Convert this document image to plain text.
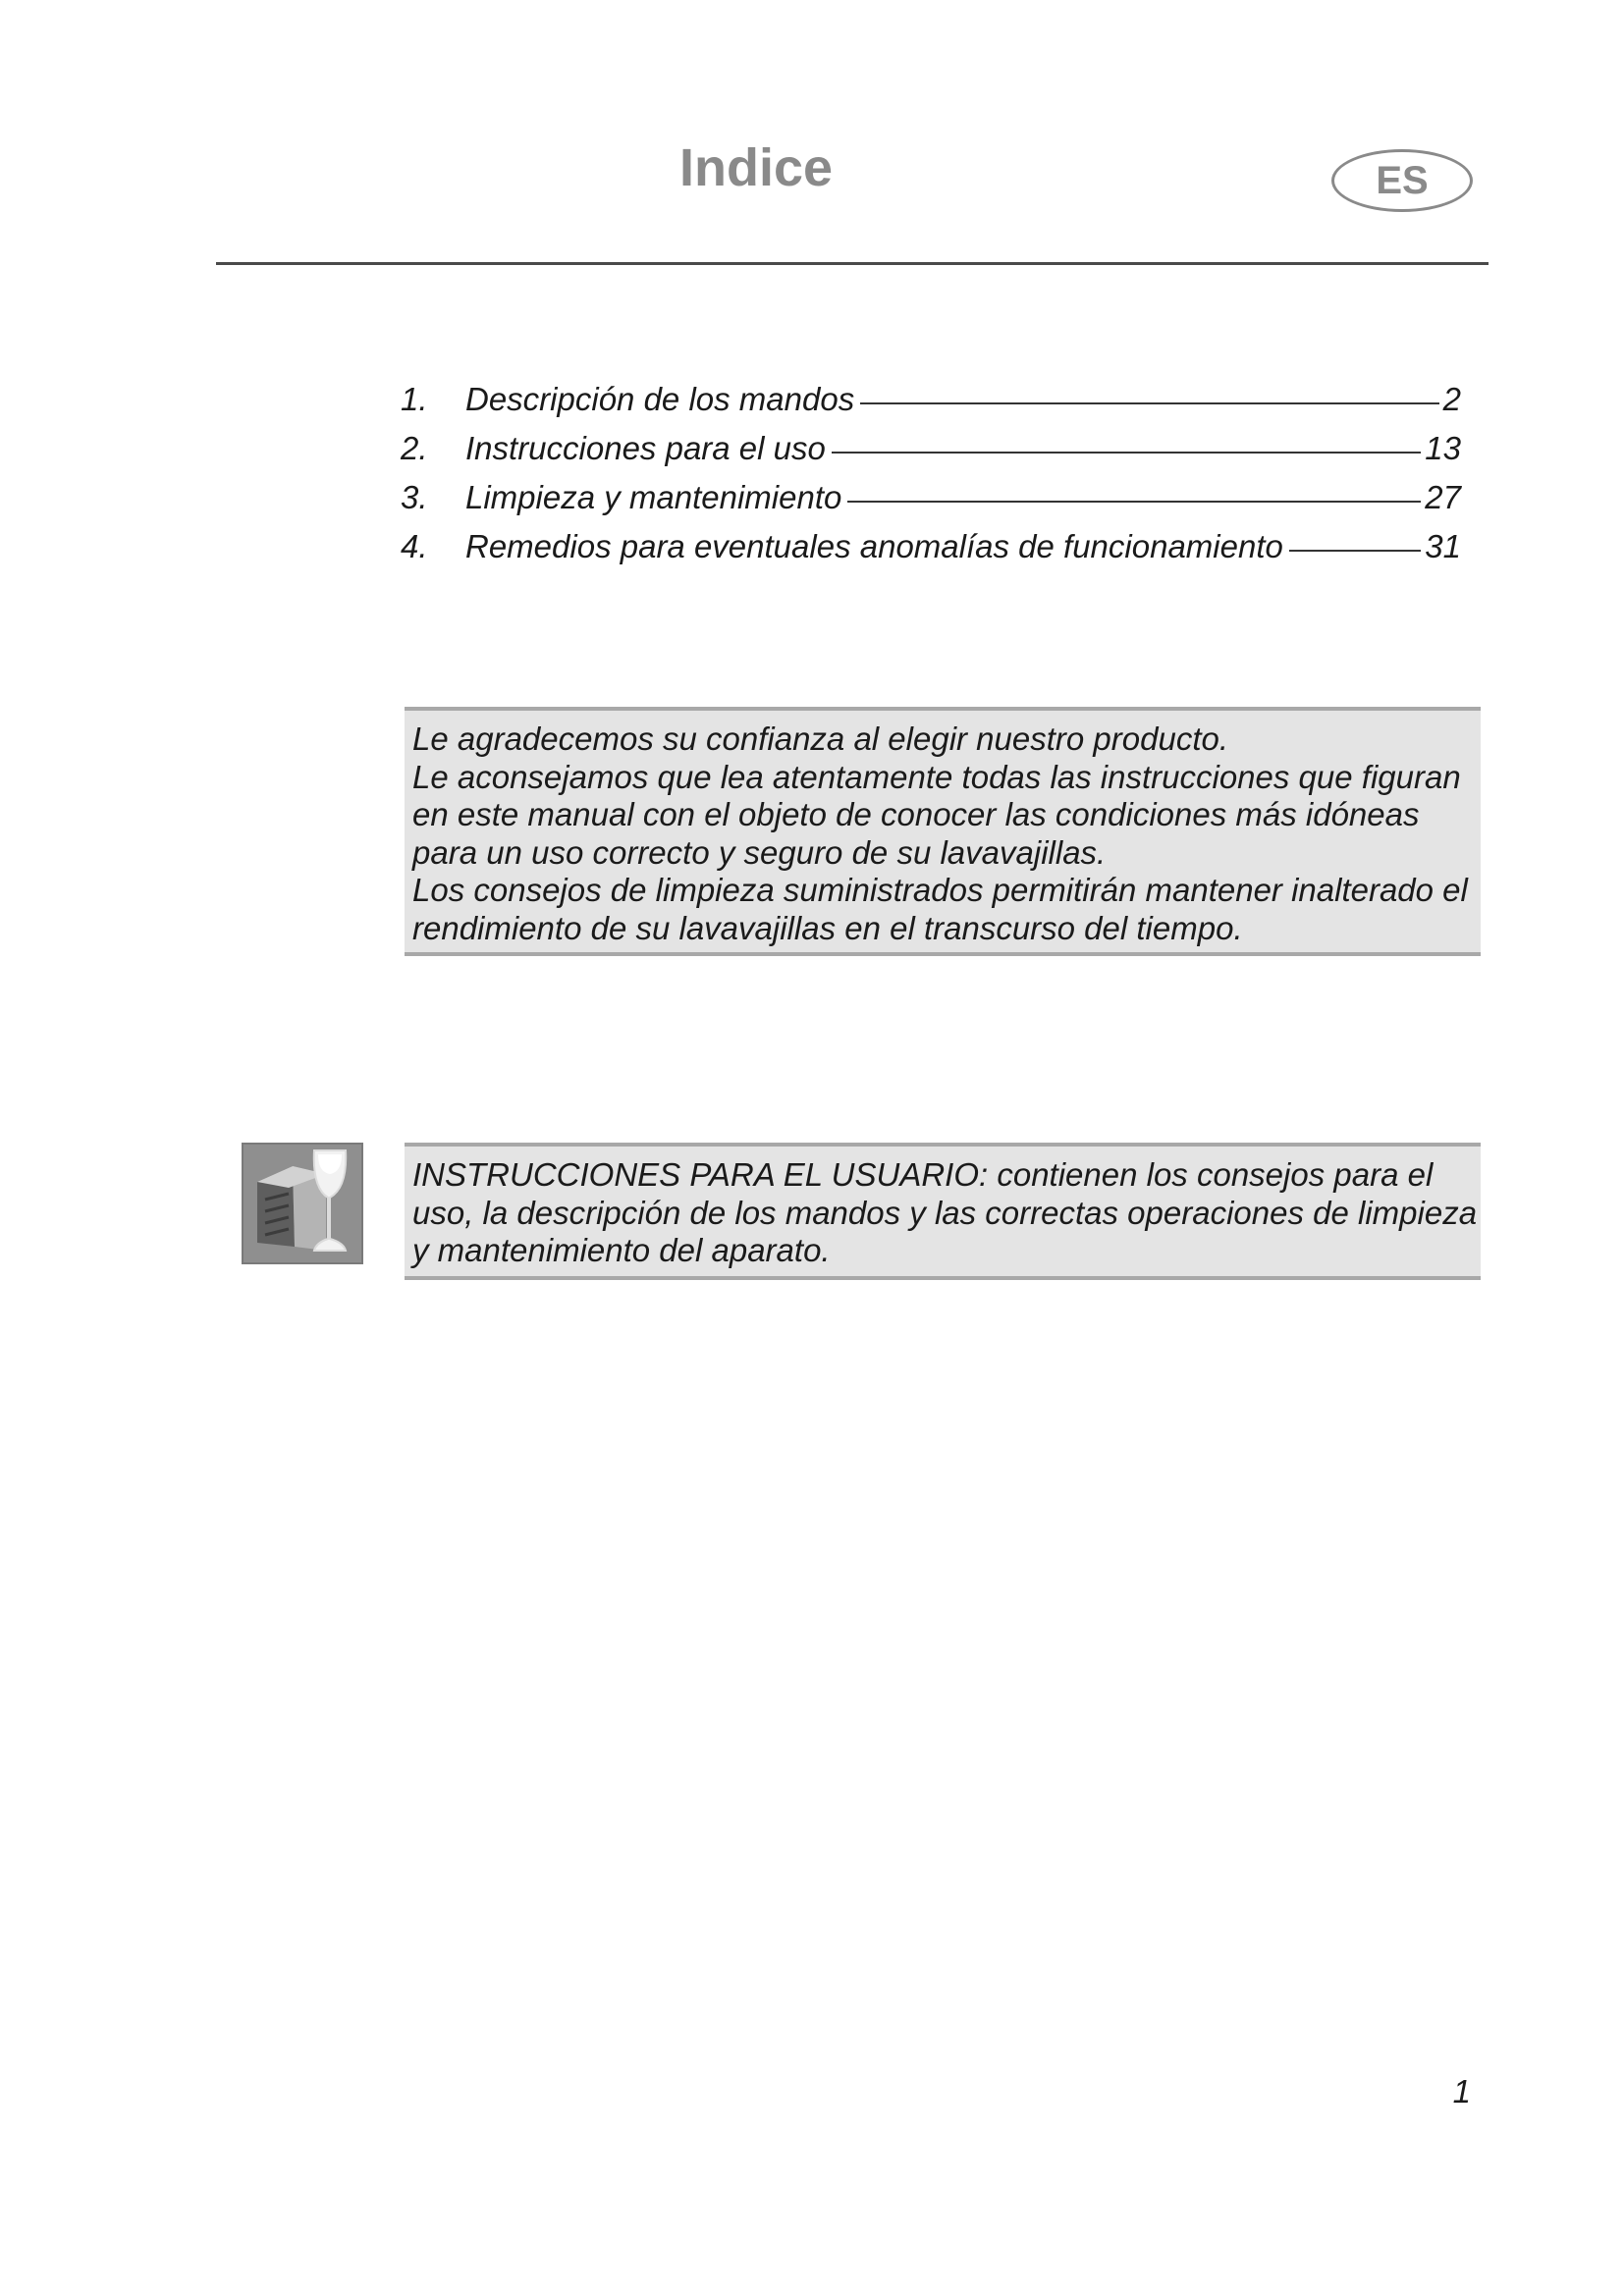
Indice	ES
1.	Descripción de los mandos	2
2.	Instrucciones para el uso	13
3.	Limpieza y mantenimiento	27
4.	Remedios para eventuales anomalías de funcionamiento	31

Le agradecemos su confianza al elegir nuestro producto.

Le aconsejamos que lea atentamente todas las instrucciones que figuran

en este manual con el objeto de conocer las condiciones más idóneas

para un uso correcto y seguro de su lavavajillas.

Los consejos de limpieza suministrados permitirán mantener inalterado el

rendimiento de su lavavajillas en el transcurso del tiempo.

INSTRUCCIONES PARA EL USUARIO: contienen los consejos para el

uso, la descripción de los mandos y las correctas operaciones de limpieza

y mantenimiento del aparato.

1
